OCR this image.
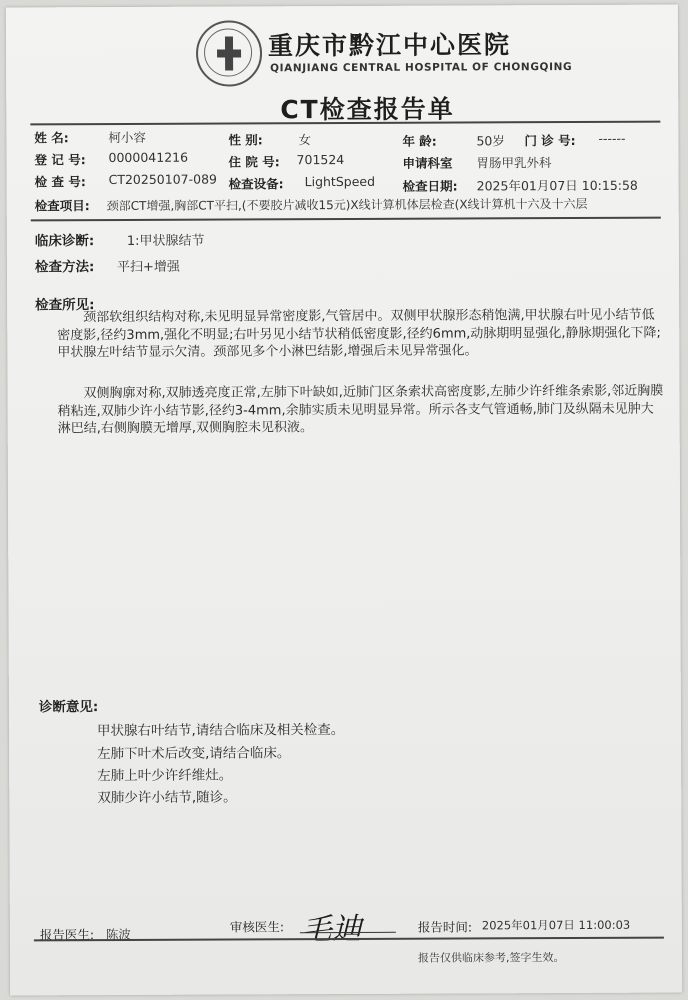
重庆市黔江中心医院
QIANJIANG CENTRAL HOSPITAL OF CHONGQING
CT检查报告单
姓 名:	柯小容	性 别:	女	年 龄:	50岁 门 诊 号: ------
登 记 号: 0000041216	住 院 号: 701524	申请科室 胃肠甲乳外科
检 查 号: CT20250107-089 检查设备: LightSpeed 检查日期: 2025年01月07日 10:15:58
检查项目: 颈部CT增强,胸部CT平扫,(不要胶片减收15元)X线计算机体层检查(X线计算机十六及十六层
临床诊断:	1:甲状腺结节
检查方法: 平扫+增强
检查所见:
颈部软组织结构对称,未见明显异常密度影,气管居中。双侧甲状腺形态稍饱满,甲状腺右叶见小结节低密度影,径约3mm,强化不明显;右叶另见小结节状稍低密度影,径约6mm,动脉期明显强化,静脉期强化下降;甲状腺左叶结节显示欠清。颈部见多个小淋巴结影,增强后未见异常强化。
双侧胸廓对称,双肺透亮度正常,左肺下叶缺如,近肺门区条索状高密度影,左肺少许纤维条索影,邻近胸膜稍粘连,双肺少许小结节影,径约3-4mm,余肺实质未见明显异常。所示各支气管通畅,肺门及纵隔未见肿大淋巴结,右侧胸膜无增厚,双侧胸腔未见积液。
诊断意见:
甲状腺右叶结节,请结合临床及相关检查。
左肺下叶术后改变,请结合临床。
左肺上叶少许纤维灶。
双肺少许小结节,随诊。
报告医生: 陈波	审核医生: 毛迪	报告时间: 2025年01月07日 11:00:03
报告仅供临床参考,签字生效。
